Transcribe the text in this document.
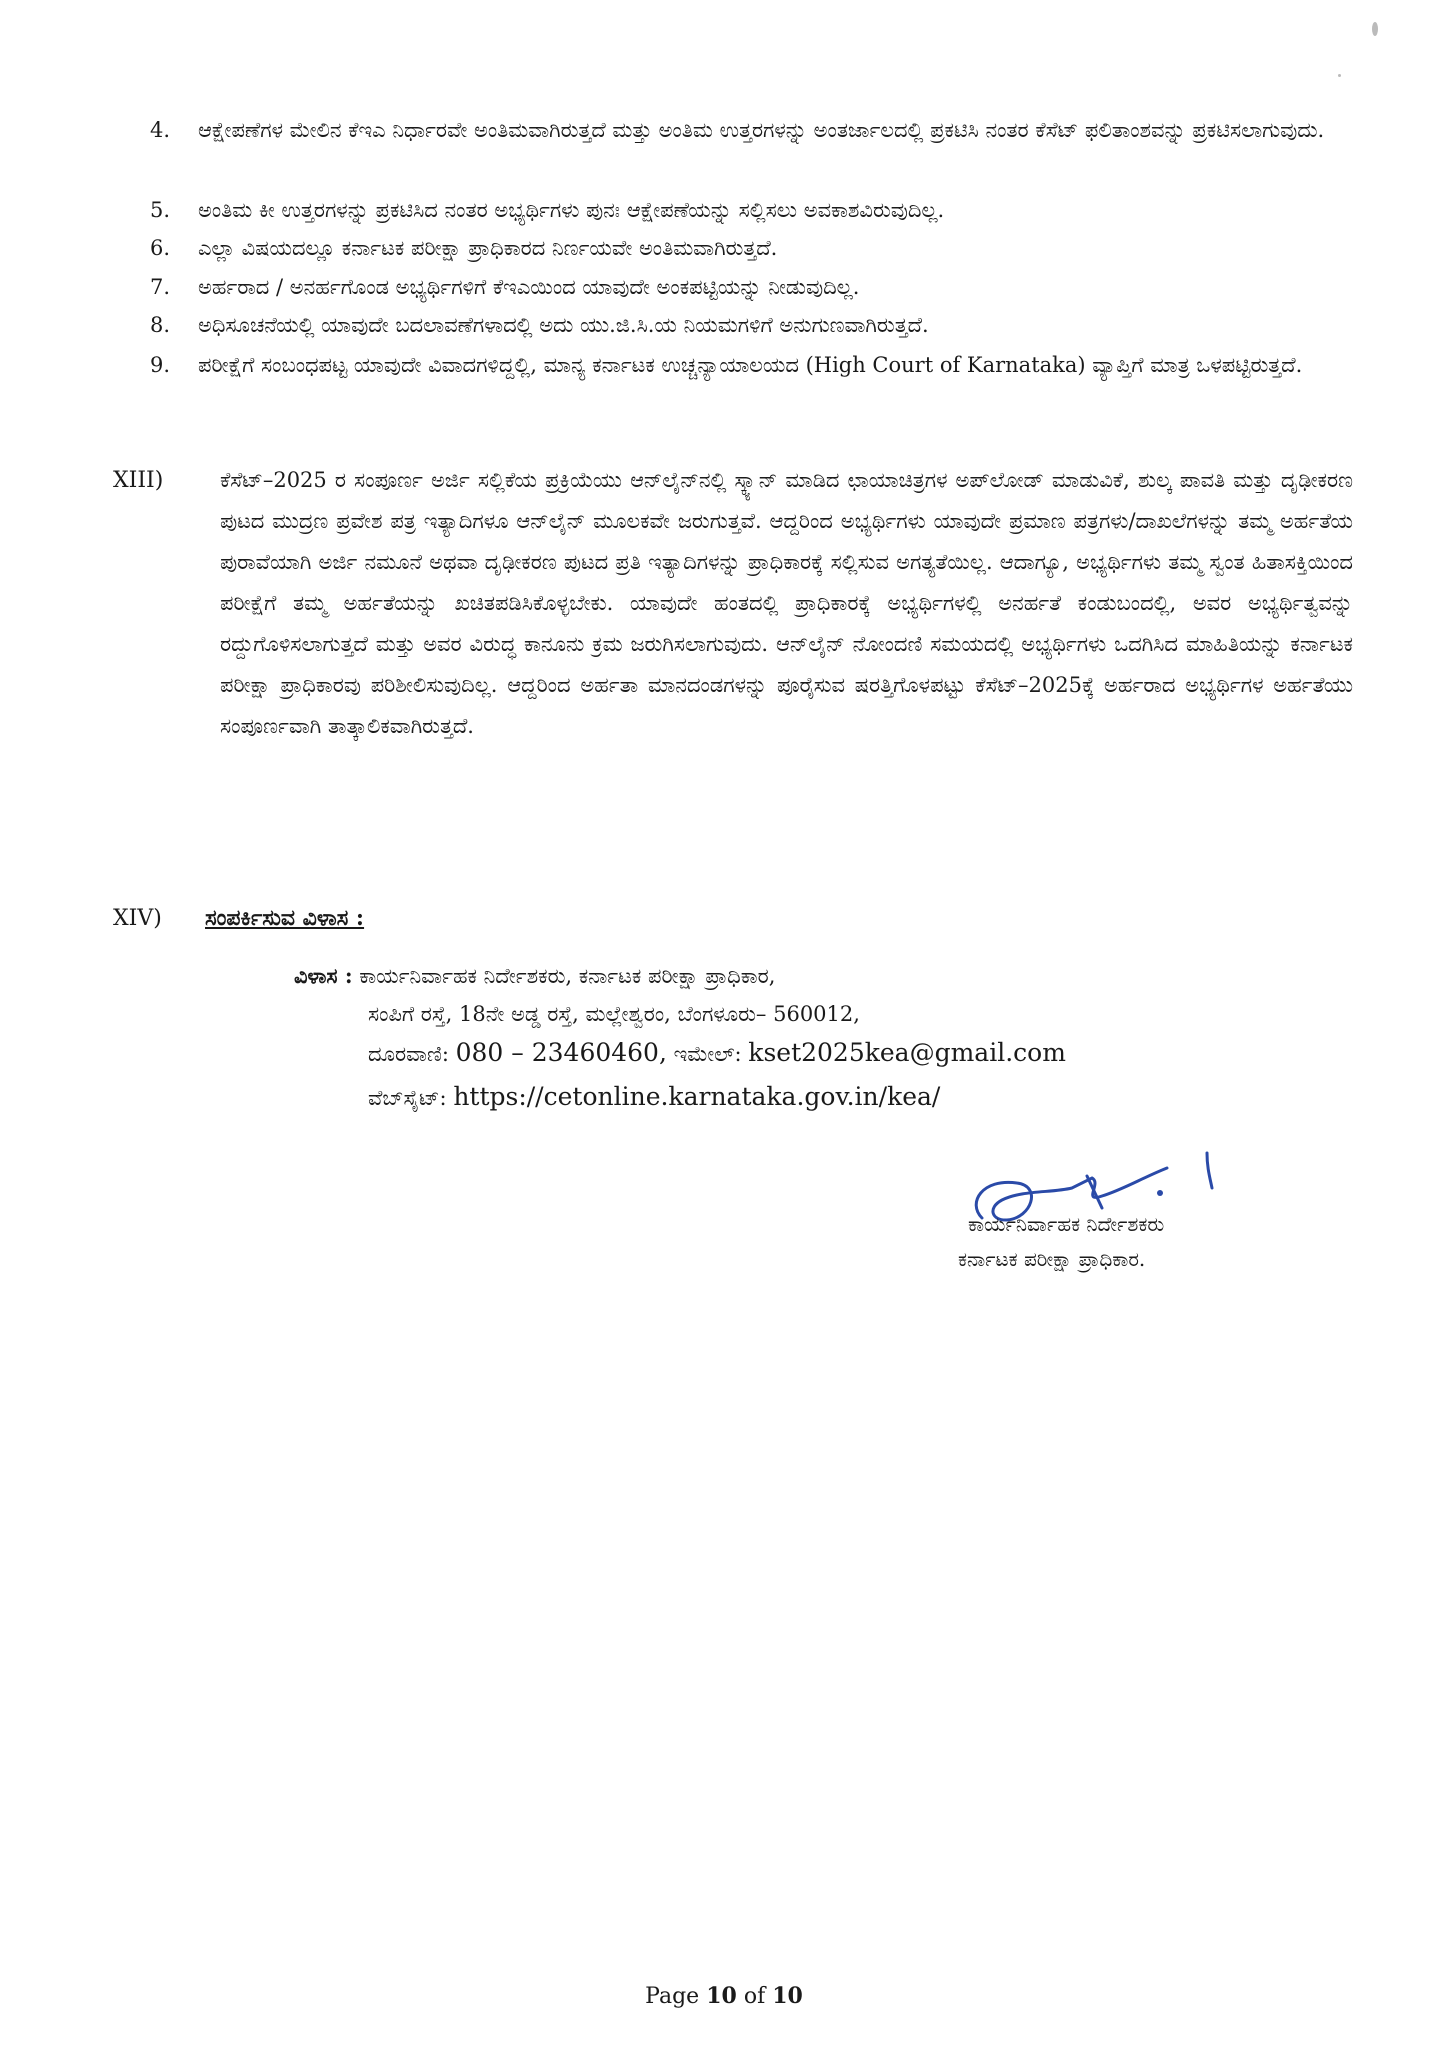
4.	ಆಕ್ಷೇಪಣೆಗಳ ಮೇಲಿನ ಕೆಇಎ ನಿರ್ಧಾರವೇ ಅಂತಿಮವಾಗಿರುತ್ತದೆ ಮತ್ತು ಅಂತಿಮ ಉತ್ತರಗಳನ್ನು ಅಂತರ್ಜಾಲದಲ್ಲಿ ಪ್ರಕಟಿಸಿ ನಂತರ ಕೆಸೆಟ್ ಫಲಿತಾಂಶವನ್ನು ಪ್ರಕಟಿಸಲಾಗುವುದು.
5.	ಅಂತಿಮ ಕೀ ಉತ್ತರಗಳನ್ನು ಪ್ರಕಟಿಸಿದ ನಂತರ ಅಭ್ಯರ್ಥಿಗಳು ಪುನಃ ಆಕ್ಷೇಪಣೆಯನ್ನು ಸಲ್ಲಿಸಲು ಅವಕಾಶವಿರುವುದಿಲ್ಲ.
6.	ಎಲ್ಲಾ ವಿಷಯದಲ್ಲೂ ಕರ್ನಾಟಕ ಪರೀಕ್ಷಾ ಪ್ರಾಧಿಕಾರದ ನಿರ್ಣಯವೇ ಅಂತಿಮವಾಗಿರುತ್ತದೆ.
7.	ಅರ್ಹರಾದ / ಅನರ್ಹಗೊಂಡ ಅಭ್ಯರ್ಥಿಗಳಿಗೆ ಕೆಇಎಯಿಂದ ಯಾವುದೇ ಅಂಕಪಟ್ಟಿಯನ್ನು ನೀಡುವುದಿಲ್ಲ.
8.	ಅಧಿಸೂಚನೆಯಲ್ಲಿ ಯಾವುದೇ ಬದಲಾವಣೆಗಳಾದಲ್ಲಿ ಅದು ಯು.ಜಿ.ಸಿ.ಯ ನಿಯಮಗಳಿಗೆ ಅನುಗುಣವಾಗಿರುತ್ತದೆ.
9.	ಪರೀಕ್ಷೆಗೆ ಸಂಬಂಧಪಟ್ಟ ಯಾವುದೇ ವಿವಾದಗಳಿದ್ದಲ್ಲಿ, ಮಾನ್ಯ ಕರ್ನಾಟಕ ಉಚ್ಚನ್ಯಾಯಾಲಯದ (High Court of Karnataka) ವ್ಯಾಪ್ತಿಗೆ ಮಾತ್ರ ಒಳಪಟ್ಟಿರುತ್ತದೆ.
XIII)	ಕೆಸೆಟ್–2025 ರ ಸಂಪೂರ್ಣ ಅರ್ಜಿ ಸಲ್ಲಿಕೆಯ ಪ್ರಕ್ರಿಯೆಯು ಆನ್‌ಲೈನ್‌ನಲ್ಲಿ ಸ್ಕ್ಯಾನ್ ಮಾಡಿದ ಛಾಯಾಚಿತ್ರಗಳ ಅಪ್‌ಲೋಡ್ ಮಾಡುವಿಕೆ, ಶುಲ್ಕ ಪಾವತಿ ಮತ್ತು ದೃಢೀಕರಣ ಪುಟದ ಮುದ್ರಣ ಪ್ರವೇಶ ಪತ್ರ ಇತ್ಯಾದಿಗಳೂ ಆನ್‌ಲೈನ್ ಮೂಲಕವೇ ಜರುಗುತ್ತವೆ. ಆದ್ದರಿಂದ ಅಭ್ಯರ್ಥಿಗಳು ಯಾವುದೇ ಪ್ರಮಾಣ ಪತ್ರಗಳು/ದಾಖಲೆಗಳನ್ನು ತಮ್ಮ ಅರ್ಹತೆಯ ಪುರಾವೆಯಾಗಿ ಅರ್ಜಿ ನಮೂನೆ ಅಥವಾ ದೃಢೀಕರಣ ಪುಟದ ಪ್ರತಿ ಇತ್ಯಾದಿಗಳನ್ನು ಪ್ರಾಧಿಕಾರಕ್ಕೆ ಸಲ್ಲಿಸುವ ಅಗತ್ಯತೆಯಿಲ್ಲ. ಆದಾಗ್ಯೂ, ಅಭ್ಯರ್ಥಿಗಳು ತಮ್ಮ ಸ್ವಂತ ಹಿತಾಸಕ್ತಿಯಿಂದ ಪರೀಕ್ಷೆಗೆ ತಮ್ಮ ಅರ್ಹತೆಯನ್ನು ಖಚಿತಪಡಿಸಿಕೊಳ್ಳಬೇಕು. ಯಾವುದೇ ಹಂತದಲ್ಲಿ ಪ್ರಾಧಿಕಾರಕ್ಕೆ ಅಭ್ಯರ್ಥಿಗಳಲ್ಲಿ ಅನರ್ಹತೆ ಕಂಡುಬಂದಲ್ಲಿ, ಅವರ ಅಭ್ಯರ್ಥಿತ್ವವನ್ನು ರದ್ದುಗೊಳಿಸಲಾಗುತ್ತದೆ ಮತ್ತು ಅವರ ವಿರುದ್ಧ ಕಾನೂನು ಕ್ರಮ ಜರುಗಿಸಲಾಗುವುದು. ಆನ್‌ಲೈನ್ ನೋಂದಣಿ ಸಮಯದಲ್ಲಿ ಅಭ್ಯರ್ಥಿಗಳು ಒದಗಿಸಿದ ಮಾಹಿತಿಯನ್ನು ಕರ್ನಾಟಕ ಪರೀಕ್ಷಾ ಪ್ರಾಧಿಕಾರವು ಪರಿಶೀಲಿಸುವುದಿಲ್ಲ. ಆದ್ದರಿಂದ ಅರ್ಹತಾ ಮಾನದಂಡಗಳನ್ನು ಪೂರೈಸುವ ಷರತ್ತಿಗೊಳಪಟ್ಟು ಕೆಸೆಟ್–2025ಕ್ಕೆ ಅರ್ಹರಾದ ಅಭ್ಯರ್ಥಿಗಳ ಅರ್ಹತೆಯು ಸಂಪೂರ್ಣವಾಗಿ ತಾತ್ಕಾಲಿಕವಾಗಿರುತ್ತದೆ.
XIV) ಸಂಪರ್ಕಿಸುವ ವಿಳಾಸ :
ವಿಳಾಸ : ಕಾರ್ಯನಿರ್ವಾಹಕ ನಿರ್ದೇಶಕರು, ಕರ್ನಾಟಕ ಪರೀಕ್ಷಾ ಪ್ರಾಧಿಕಾರ,
ಸಂಪಿಗೆ ರಸ್ತೆ, 18ನೇ ಅಡ್ಡ ರಸ್ತೆ, ಮಲ್ಲೇಶ್ವರಂ, ಬೆಂಗಳೂರು– 560012,
ದೂರವಾಣಿ: 080 – 23460460, ಇಮೇಲ್: kset2025kea@gmail.com
ವೆಬ್‌ಸೈಟ್: https://cetonline.karnataka.gov.in/kea/
ಕಾರ್ಯನಿರ್ವಾಹಕ ನಿರ್ದೇಶಕರು
ಕರ್ನಾಟಕ ಪರೀಕ್ಷಾ ಪ್ರಾಧಿಕಾರ.
Page 10 of 10
